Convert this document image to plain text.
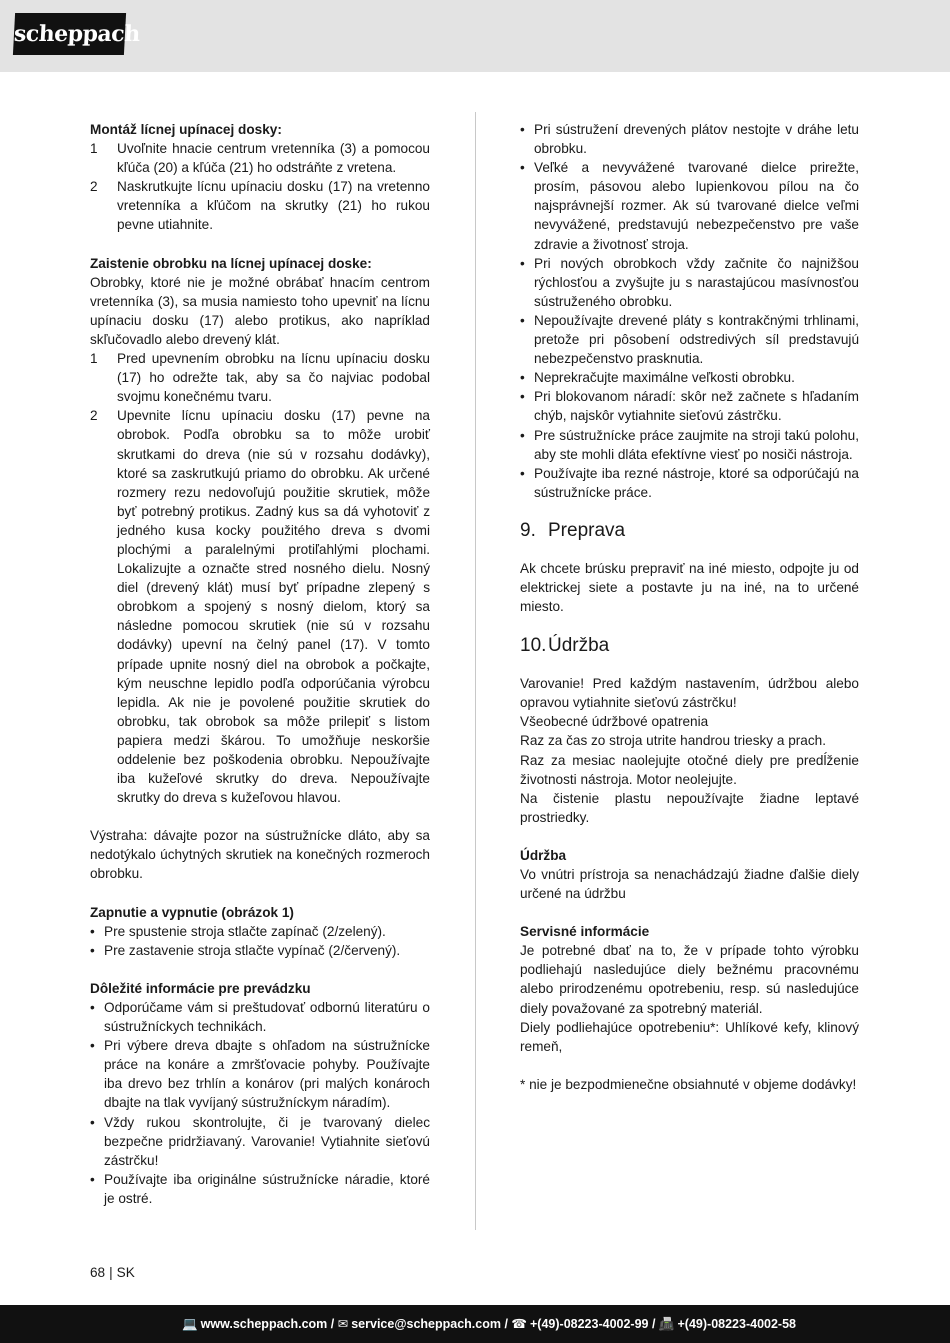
scheppach

Montáž lícnej upínacej dosky:

1	Uvoľnite hnacie centrum vretenníka (3) a pomocou kľúča (20) a kľúča (21) ho odstráňte z vretena.
2	Naskrutkujte lícnu upínaciu dosku (17) na vretenno vretenníka a kľúčom na skrutky (21) ho rukou pevne utiahnite.

Zaistenie obrobku na lícnej upínacej doske:

Obrobky, ktoré nie je možné obrábať hnacím centrom vretenníka (3), sa musia namiesto toho upevniť na lícnu upínaciu dosku (17) alebo protikus, ako napríklad skľučovadlo alebo drevený klát.

1	Pred upevnením obrobku na lícnu upínaciu dosku (17) ho odrežte tak, aby sa čo najviac podobal svojmu konečnému tvaru.
2	Upevnite lícnu upínaciu dosku (17) pevne na obrobok. Podľa obrobku sa to môže urobiť skrutkami do dreva (nie sú v rozsahu dodávky), ktoré sa zaskrutkujú priamo do obrobku. Ak určené rozmery rezu nedovoľujú použitie skrutiek, môže byť potrebný protikus. Zadný kus sa dá vyhotoviť z jedného kusa kocky použitého dreva s dvomi plochými a paralelnými protiľahlými plochami. Lokalizujte a označte stred nosného dielu. Nosný diel (drevený klát) musí byť prípadne zlepený s obrobkom a spojený s nosný dielom, ktorý sa následne pomocou skrutiek (nie sú v rozsahu dodávky) upevní na čelný panel (17). V tomto prípade upnite nosný diel na obrobok a počkajte, kým neuschne lepidlo podľa odporúčania výrobcu lepidla. Ak nie je povolené použitie skrutiek do obrobku, tak obrobok sa môže prilepiť s listom papiera medzi škárou. To umožňuje neskoršie oddelenie bez poškodenia obrobku. Nepoužívajte iba kužeľové skrutky do dreva. Nepoužívajte skrutky do dreva s kužeľovou hlavou.

Výstraha: dávajte pozor na sústružnícke dláto, aby sa nedotýkalo úchytných skrutiek na konečných rozmeroch obrobku.

Zapnutie a vypnutie (obrázok 1)

• Pre spustenie stroja stlačte zapínač (2/zelený).
• Pre zastavenie stroja stlačte vypínač (2/červený).

Dôležité informácie pre prevádzku

• Odporúčame vám si preštudovať odbornú literatúru o sústružníckych technikách.
• Pri výbere dreva dbajte s ohľadom na sústružnícke práce na konáre a zmršťovacie pohyby. Používajte iba drevo bez trhlín a konárov (pri malých konároch dbajte na tlak vyvíjaný sústružníckym náradím).
• Vždy rukou skontrolujte, či je tvarovaný dielec bezpečne pridržiavaný. Varovanie! Vytiahnite sieťovú zástrčku!
• Používajte iba originálne sústružnícke náradie, ktoré je ostré.
• Pri sústružení drevených plátov nestojte v dráhe letu obrobku.
• Veľké a nevyvážené tvarované dielce prirežte, prosím, pásovou alebo lupienkovou pílou na čo najsprávnejší rozmer. Ak sú tvarované dielce veľmi nevyvážené, predstavujú nebezpečenstvo pre vaše zdravie a životnosť stroja.
• Pri nových obrobkoch vždy začnite čo najnižšou rýchlosťou a zvyšujte ju s narastajúcou masívnosťou sústruženého obrobku.
• Nepoužívajte drevené pláty s kontrakčnými trhlinami, pretože pri pôsobení odstredivých síl predstavujú nebezpečenstvo prasknutia.
• Neprekračujte maximálne veľkosti obrobku.
• Pri blokovanom náradí: skôr než začnete s hľadaním chýb, najskôr vytiahnite sieťovú zástrčku.
• Pre sústružnícke práce zaujmite na stroji takú polohu, aby ste mohli dláta efektívne viesť po nosiči nástroja.
• Používajte iba rezné nástroje, ktoré sa odporúčajú na sústružnícke práce.
9. Preprava

Ak chcete brúsku prepraviť na iné miesto, odpojte ju od elektrickej siete a postavte ju na iné, na to určené miesto.

10. Údržba

Varovanie! Pred každým nastavením, údržbou alebo opravou vytiahnite sieťovú zástrčku!

Všeobecné údržbové opatrenia

Raz za čas zo stroja utrite handrou triesky a prach.

Raz za mesiac naolejujte otočné diely pre predĺženie životnosti nástroja. Motor neolejujte.

Na čistenie plastu nepoužívajte žiadne leptavé prostriedky.

Údržba

Vo vnútri prístroja sa nenachádzajú žiadne ďalšie diely určené na údržbu

Servisné informácie

Je potrebné dbať na to, že v prípade tohto výrobku podliehajú nasledujúce diely bežnému pracovnému alebo prirodzenému opotrebeniu, resp. sú nasledujúce diely považované za spotrebný materiál.

Diely podliehajúce opotrebeniu*: Uhlíkové kefy, klinový remeň,

* nie je bezpodmienečne obsiahnuté v objeme dodávky!

68 | SK
💻 www.scheppach.com / ✉ service@scheppach.com / ☎ +(49)-08223-4002-99 / 📠 +(49)-08223-4002-58
